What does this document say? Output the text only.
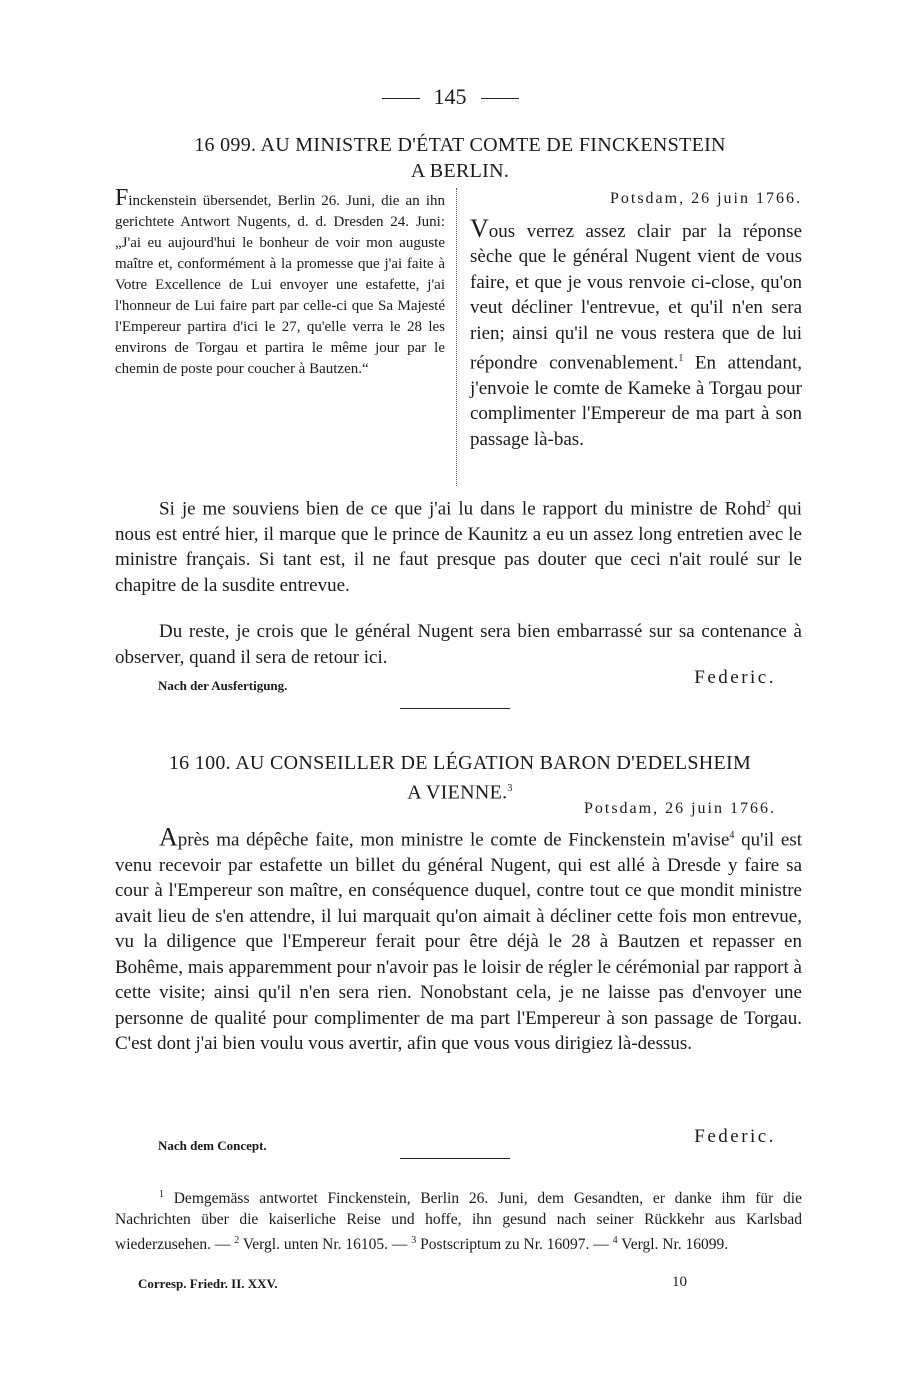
145
16 099. AU MINISTRE D'ÉTAT COMTE DE FINCKENSTEIN
A BERLIN.
Finckenstein übersendet, Berlin 26. Juni, die an ihn gerichtete Antwort Nugents, d. d. Dresden 24. Juni: „J'ai eu aujourd'hui le bonheur de voir mon auguste maître et, conformément à la promesse que j'ai faite à Votre Excellence de Lui envoyer une estafette, j'ai l'honneur de Lui faire part par celle-ci que Sa Majesté l'Empereur partira d'ici le 27, qu'elle verra le 28 les environs de Torgau et partira le même jour par le chemin de poste pour coucher à Bautzen.“
Potsdam, 26 juin 1766.
Vous verrez assez clair par la réponse sèche que le général Nugent vient de vous faire, et que je vous renvoie ci-close, qu'on veut décliner l'entrevue, et qu'il n'en sera rien; ainsi qu'il ne vous restera que de lui répondre convenablement.$^1$ En attendant, j'envoie le comte de Kameke à Torgau pour complimenter l'Empereur de ma part à son passage là-bas.
Si je me souviens bien de ce que j'ai lu dans le rapport du ministre de Rohd$^2$ qui nous est entré hier, il marque que le prince de Kaunitz a eu un assez long entretien avec le ministre français. Si tant est, il ne faut presque pas douter que ceci n'ait roulé sur le chapitre de la susdite entrevue.
Du reste, je crois que le général Nugent sera bien embarrassé sur sa contenance à observer, quand il sera de retour ici.
Nach der Ausfertigung.	Federic.
16 100. AU CONSEILLER DE LÉGATION BARON D'EDELSHEIM
A VIENNE.$^3$
Potsdam, 26 juin 1766.
Après ma dépêche faite, mon ministre le comte de Finckenstein m'avise$^4$ qu'il est venu recevoir par estafette un billet du général Nugent, qui est allé à Dresde y faire sa cour à l'Empereur son maître, en conséquence duquel, contre tout ce que mondit ministre avait lieu de s'en attendre, il lui marquait qu'on aimait à décliner cette fois mon entrevue, vu la diligence que l'Empereur ferait pour être déjà le 28 à Bautzen et repasser en Bohême, mais apparemment pour n'avoir pas le loisir de régler le cérémonial par rapport à cette visite; ainsi qu'il n'en sera rien. Nonobstant cela, je ne laisse pas d'envoyer une personne de qualité pour complimenter de ma part l'Empereur à son passage de Torgau. C'est dont j'ai bien voulu vous avertir, afin que vous vous dirigiez là-dessus.
Nach dem Concept.	Federic.
$^1$ Demgemäss antwortet Finckenstein, Berlin 26. Juni, dem Gesandten, er danke ihm für die Nachrichten über die kaiserliche Reise und hoffe, ihn gesund nach seiner Rückkehr aus Karlsbad wiederzusehen. — $^2$ Vergl. unten Nr. 16105. — $^3$ Postscriptum zu Nr. 16097. — $^4$ Vergl. Nr. 16099.
Corresp. Friedr. II. XXV.	10
